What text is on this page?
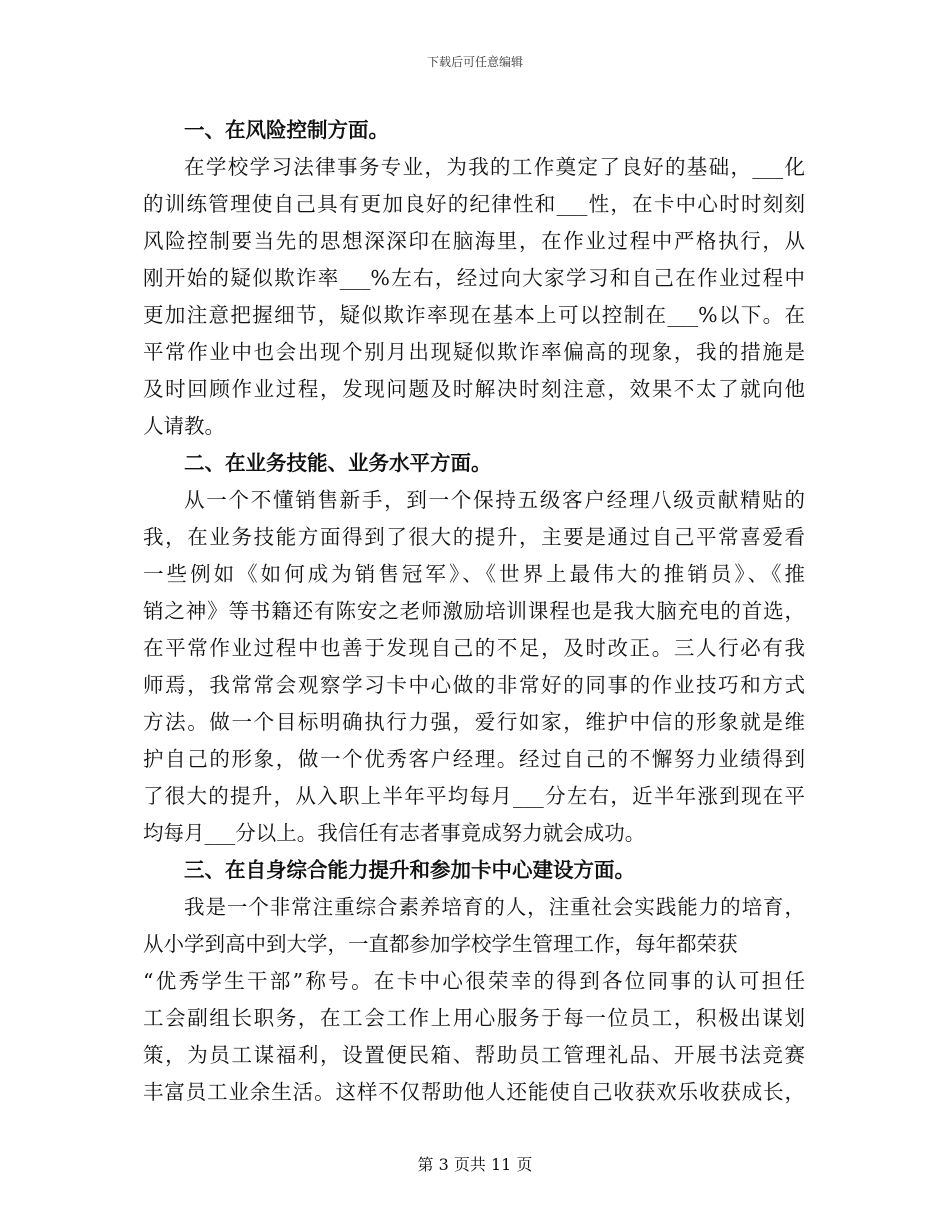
下载后可任意编辑
一、在风险控制方面。
在学校学习法律事务专业，为我的工作奠定了良好的基础，___化
的训练管理使自己具有更加良好的纪律性和___性，在卡中心时时刻刻
风险控制要当先的思想深深印在脑海里，在作业过程中严格执行，从
刚开始的疑似欺诈率___%左右，经过向大家学习和自己在作业过程中
更加注意把握细节，疑似欺诈率现在基本上可以控制在___%以下。在
平常作业中也会出现个别月出现疑似欺诈率偏高的现象，我的措施是
及时回顾作业过程，发现问题及时解决时刻注意，效果不太了就向他
人请教。
二、在业务技能、业务水平方面。
从一个不懂销售新手，到一个保持五级客户经理八级贡献精贴的
我，在业务技能方面得到了很大的提升，主要是通过自己平常喜爱看
一些例如《如何成为销售冠军》、《世界上最伟大的推销员》、《推
销之神》等书籍还有陈安之老师激励培训课程也是我大脑充电的首选，
在平常作业过程中也善于发现自己的不足，及时改正。三人行必有我
师焉，我常常会观察学习卡中心做的非常好的同事的作业技巧和方式
方法。做一个目标明确执行力强，爱行如家，维护中信的形象就是维
护自己的形象，做一个优秀客户经理。经过自己的不懈努力业绩得到
了很大的提升，从入职上半年平均每月___分左右，近半年涨到现在平
均每月___分以上。我信任有志者事竟成努力就会成功。
三、在自身综合能力提升和参加卡中心建设方面。
我是一个非常注重综合素养培育的人，注重社会实践能力的培育，
从小学到高中到大学，一直都参加学校学生管理工作，每年都荣获
“优秀学生干部”称号。在卡中心很荣幸的得到各位同事的认可担任
工会副组长职务，在工会工作上用心服务于每一位员工，积极出谋划
策，为员工谋福利，设置便民箱、帮助员工管理礼品、开展书法竞赛
丰富员工业余生活。这样不仅帮助他人还能使自己收获欢乐收获成长，
第 3 页共 11 页
